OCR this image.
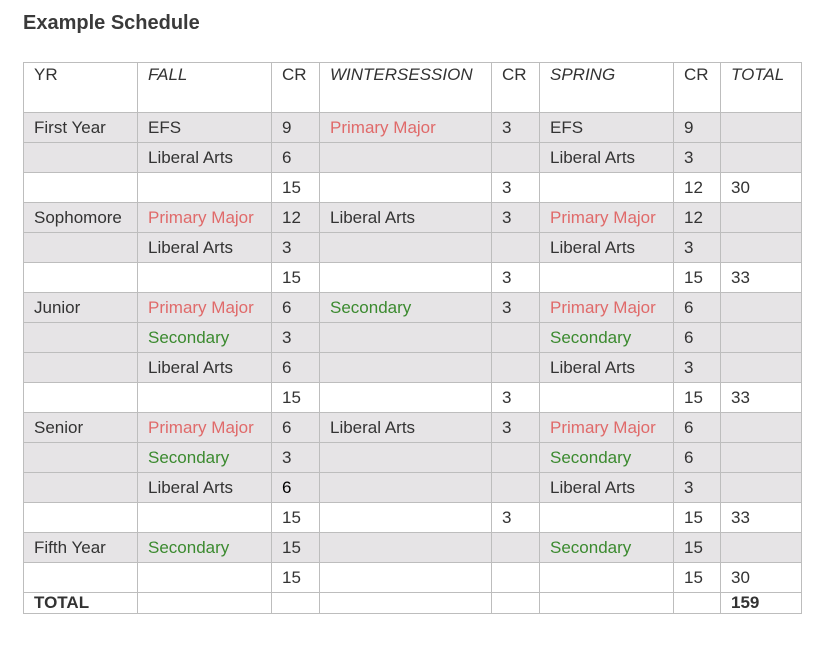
Example Schedule
YR	FALL	CR	WINTERSESSION	CR	SPRING	CR	TOTAL
First Year	EFS	9	Primary Major	3	EFS	9	
	Liberal Arts	6			Liberal Arts	3	
		15		3		12	30
Sophomore	Primary Major	12	Liberal Arts	3	Primary Major	12	
	Liberal Arts	3			Liberal Arts	3	
		15		3		15	33
Junior	Primary Major	6	Secondary	3	Primary Major	6	
	Secondary	3			Secondary	6	
	Liberal Arts	6			Liberal Arts	3	
		15		3		15	33
Senior	Primary Major	6	Liberal Arts	3	Primary Major	6	
	Secondary	3			Secondary	6	
	Liberal Arts	6			Liberal Arts	3	
		15		3		15	33
Fifth Year	Secondary	15			Secondary	15	
		15				15	30
TOTAL							159
